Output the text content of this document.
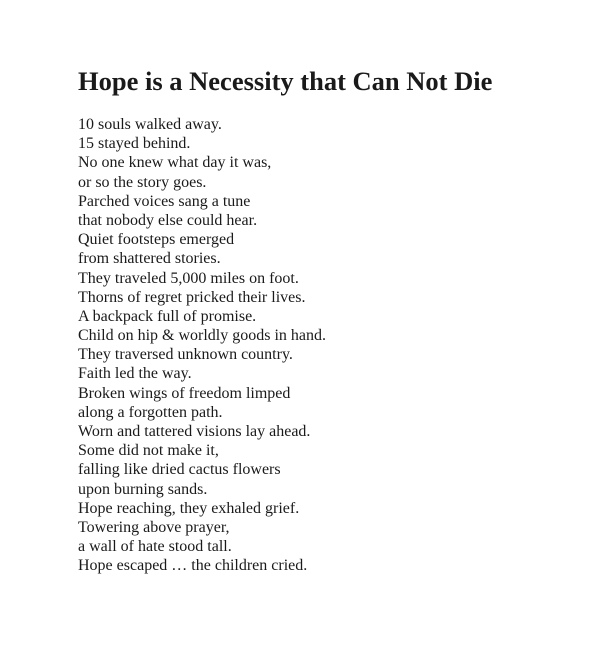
Hope is a Necessity that Can Not Die
10 souls walked away.
15 stayed behind.
No one knew what day it was,
or so the story goes.
Parched voices sang a tune
that nobody else could hear.
Quiet footsteps emerged
from shattered stories.
They traveled 5,000 miles on foot.
Thorns of regret pricked their lives.
A backpack full of promise.
Child on hip & worldly goods in hand.
They traversed unknown country.
Faith led the way.
Broken wings of freedom limped
along a forgotten path.
Worn and tattered visions lay ahead.
Some did not make it,
falling like dried cactus flowers
upon burning sands.
Hope reaching, they exhaled grief.
Towering above prayer,
a wall of hate stood tall.
Hope escaped … the children cried.
